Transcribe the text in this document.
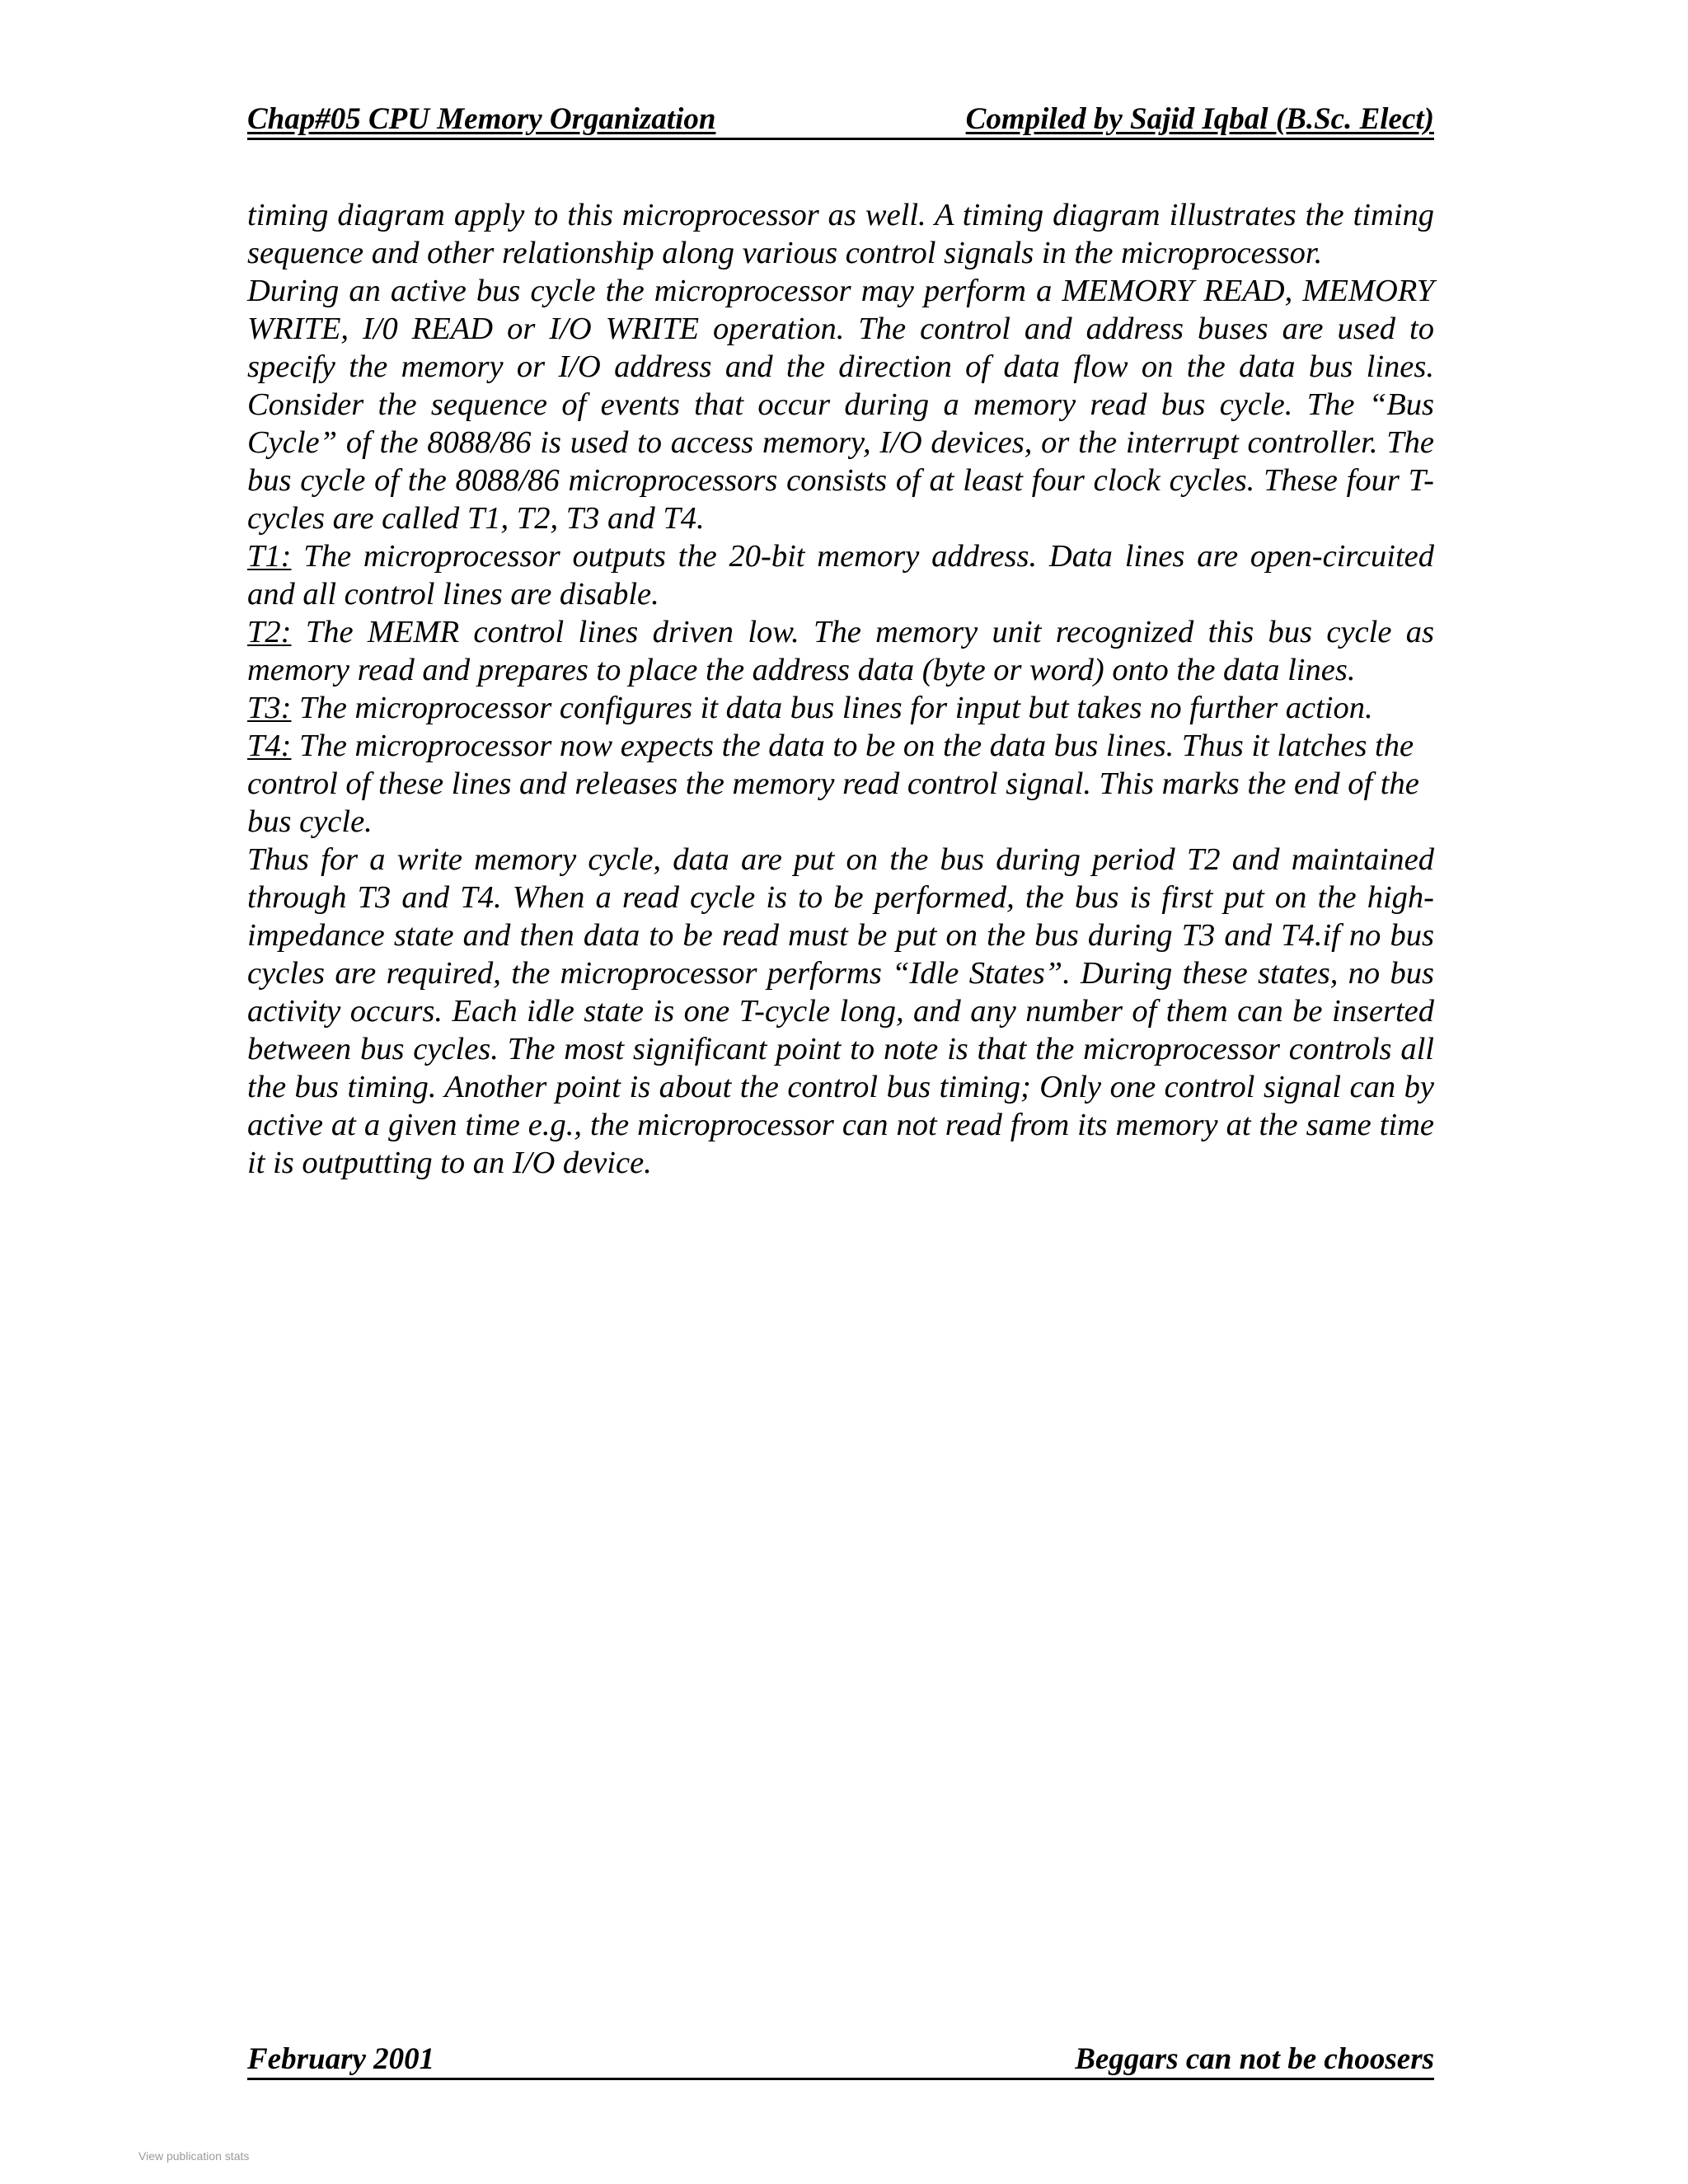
Chap#05 CPU Memory Organization	Compiled by Sajid Iqbal (B.Sc. Elect)

timing diagram apply to this microprocessor as well. A timing diagram illustrates the timing sequence and other relationship along various control signals in the microprocessor.

During an active bus cycle the microprocessor may perform a MEMORY READ, MEMORY WRITE, I/0 READ or I/O WRITE operation. The control and address buses are used to specify the memory or I/O address and the direction of data flow on the data bus lines. Consider the sequence of events that occur during a memory read bus cycle. The “Bus Cycle” of the 8088/86 is used to access memory, I/O devices, or the interrupt controller. The bus cycle of the 8088/86 microprocessors consists of at least four clock cycles. These four T-cycles are called T1, T2, T3 and T4.

T1: The microprocessor outputs the 20-bit memory address. Data lines are open-circuited and all control lines are disable.

T2: The MEMR control lines driven low. The memory unit recognized this bus cycle as memory read and prepares to place the address data (byte or word) onto the data lines.

T3: The microprocessor configures it data bus lines for input but takes no further action.

T4: The microprocessor now expects the data to be on the data bus lines. Thus it latches the control of these lines and releases the memory read control signal. This marks the end of the bus cycle.

Thus for a write memory cycle, data are put on the bus during period T2 and maintained through T3 and T4. When a read cycle is to be performed, the bus is first put on the high-impedance state and then data to be read must be put on the bus during T3 and T4.if no bus cycles are required, the microprocessor performs “Idle States”. During these states, no bus activity occurs. Each idle state is one T-cycle long, and any number of them can be inserted between bus cycles. The most significant point to note is that the microprocessor controls all the bus timing. Another point is about the control bus timing; Only one control signal can by active at a given time e.g., the microprocessor can not read from its memory at the same time it is outputting to an I/O device.

February 2001	Beggars can not be choosers
View publication stats
